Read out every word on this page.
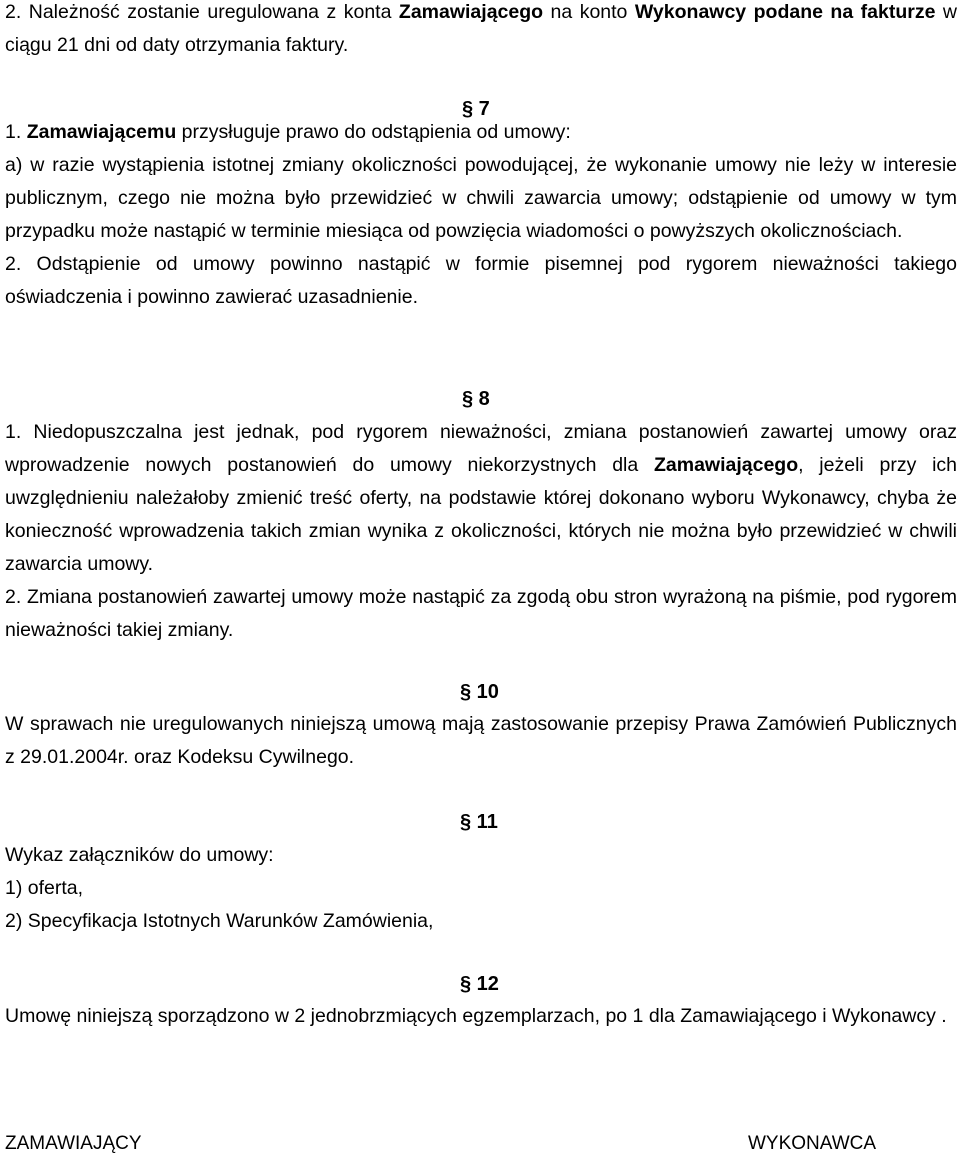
2. Należność zostanie uregulowana z konta Zamawiającego na konto Wykonawcy podane na fakturze w ciągu 21 dni od daty otrzymania faktury.
§ 7

1. Zamawiającemu przysługuje prawo do odstąpienia od umowy:

a) w razie wystąpienia istotnej zmiany okoliczności powodującej, że wykonanie umowy nie leży w interesie publicznym, czego nie można było przewidzieć w chwili zawarcia umowy; odstąpienie od umowy w tym przypadku może nastąpić w terminie miesiąca od powzięcia wiadomości o powyższych okolicznościach.

2. Odstąpienie od umowy powinno nastąpić w formie pisemnej pod rygorem nieważności takiego oświadczenia i powinno zawierać uzasadnienie.

§ 8

1. Niedopuszczalna jest jednak, pod rygorem nieważności, zmiana postanowień zawartej umowy oraz wprowadzenie nowych postanowień do umowy niekorzystnych dla Zamawiającego, jeżeli przy ich uwzględnieniu należałoby zmienić treść oferty, na podstawie której dokonano wyboru Wykonawcy, chyba że konieczność wprowadzenia takich zmian wynika z okoliczności, których nie można było przewidzieć w chwili zawarcia umowy.

2. Zmiana postanowień zawartej umowy może nastąpić za zgodą obu stron wyrażoną na piśmie, pod rygorem nieważności takiej zmiany.

§ 10

W sprawach nie uregulowanych niniejszą umową mają zastosowanie przepisy Prawa Zamówień Publicznych z 29.01.2004r. oraz Kodeksu Cywilnego.

§ 11
Wykaz załączników do umowy:
1) oferta,
2) Specyfikacja Istotnych Warunków Zamówienia,
§ 12

Umowę niniejszą sporządzono w 2 jednobrzmiących egzemplarzach, po 1 dla Zamawiającego i Wykonawcy .

ZAMAWIAJĄCY	WYKONAWCA
